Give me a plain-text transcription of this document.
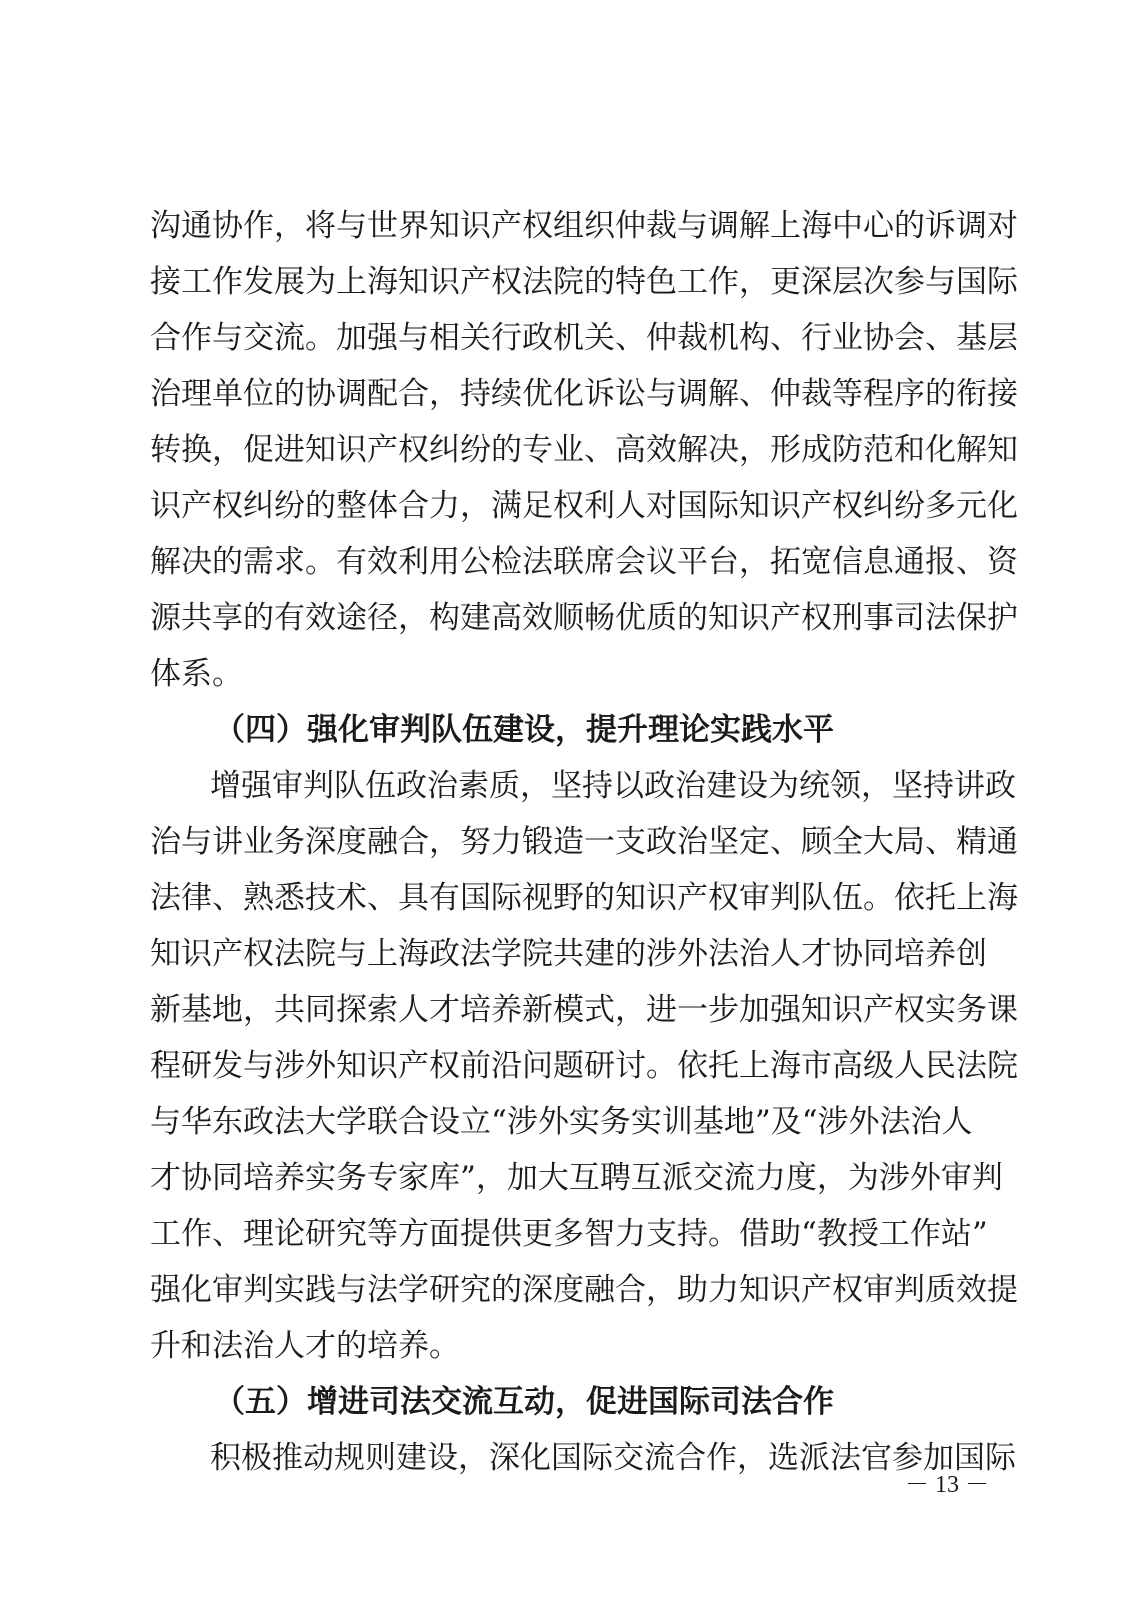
沟通协作，将与世界知识产权组织仲裁与调解上海中心的诉调对
接工作发展为上海知识产权法院的特色工作，更深层次参与国际
合作与交流。加强与相关行政机关、仲裁机构、行业协会、基层
治理单位的协调配合，持续优化诉讼与调解、仲裁等程序的衔接
转换，促进知识产权纠纷的专业、高效解决，形成防范和化解知
识产权纠纷的整体合力，满足权利人对国际知识产权纠纷多元化
解决的需求。有效利用公检法联席会议平台，拓宽信息通报、资
源共享的有效途径，构建高效顺畅优质的知识产权刑事司法保护
体系。
（四）强化审判队伍建设，提升理论实践水平
增强审判队伍政治素质，坚持以政治建设为统领，坚持讲政
治与讲业务深度融合，努力锻造一支政治坚定、顾全大局、精通
法律、熟悉技术、具有国际视野的知识产权审判队伍。依托上海
知识产权法院与上海政法学院共建的涉外法治人才协同培养创
新基地，共同探索人才培养新模式，进一步加强知识产权实务课
程研发与涉外知识产权前沿问题研讨。依托上海市高级人民法院
与华东政法大学联合设立“涉外实务实训基地”及“涉外法治人
才协同培养实务专家库”，加大互聘互派交流力度，为涉外审判
工作、理论研究等方面提供更多智力支持。借助“教授工作站”
强化审判实践与法学研究的深度融合，助力知识产权审判质效提
升和法治人才的培养。
（五）增进司法交流互动，促进国际司法合作
积极推动规则建设，深化国际交流合作，选派法官参加国际
－ 13 －
